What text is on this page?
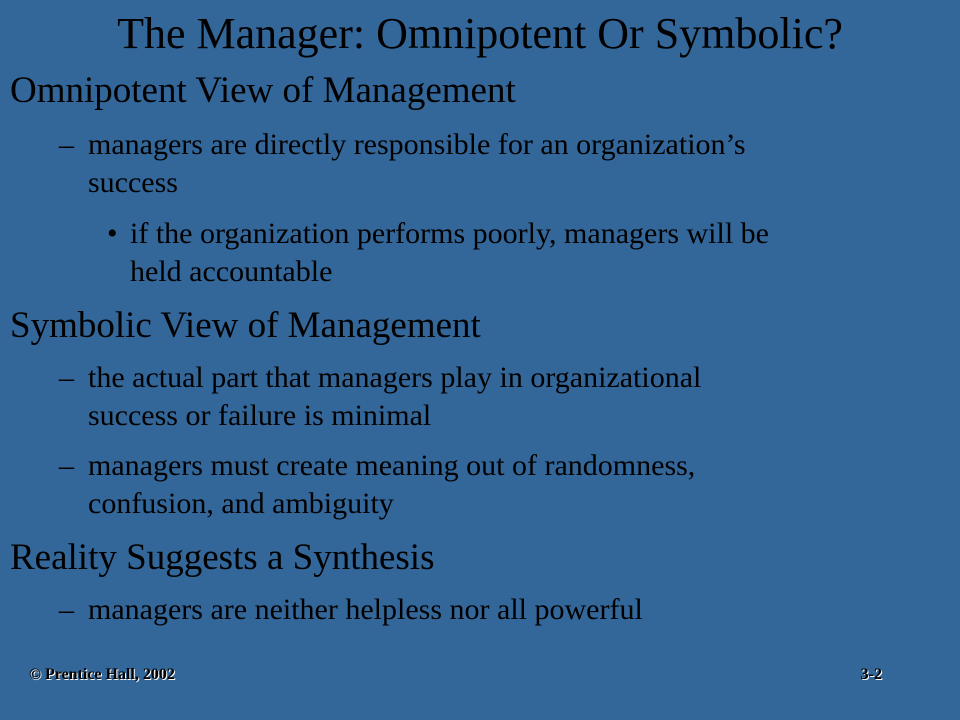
The Manager: Omnipotent Or Symbolic?
Omnipotent View of Management
– managers are directly responsible for an organization’s
success
• if the organization performs poorly, managers will be
held accountable
Symbolic View of Management
– the actual part that managers play in organizational
success or failure is minimal
– managers must create meaning out of randomness,
confusion, and ambiguity
Reality Suggests a Synthesis
– managers are neither helpless nor all powerful
© Prentice Hall, 2002	3-2
